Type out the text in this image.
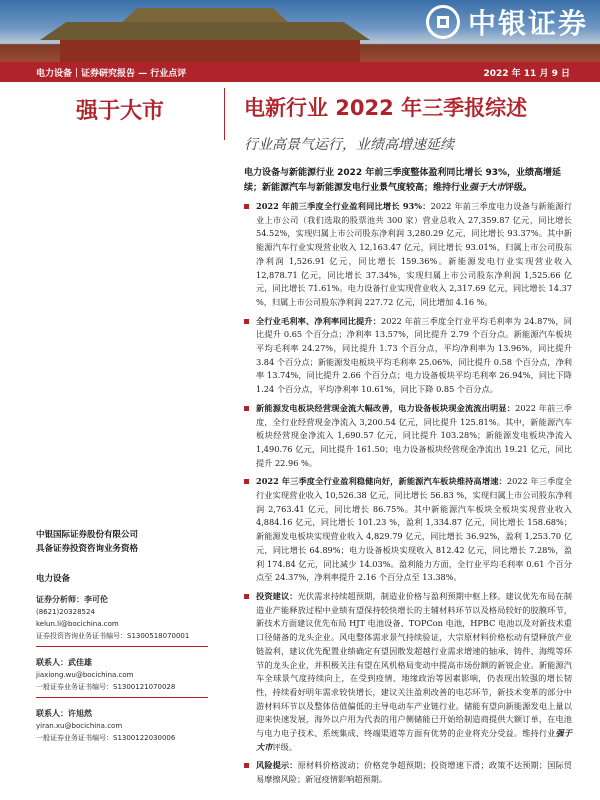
中银证券
电力设备｜证券研究报告 — 行业点评	2022 年 11 月 9 日
强于大市	电新行业 2022 年三季报综述
行业高景气运行，业绩高增速延续
电力设备与新能源行业 2022 年前三季度整体盈利同比增长 93%，业绩高增延续；新能源汽车与新能源发电行业景气度较高；维持行业强于大市评级。
2022 年前三季度全行业盈利同比增长 93%：2022 年前三季度电力设备与新能源行业上市公司（我们选取的股票池共 300 家）营业总收入 27,359.87 亿元，同比增长 54.52%，实现归属上市公司股东净利润 3,280.29 亿元，同比增长 93.37%。其中新能源汽车行业实现营业收入 12,163.47 亿元，同比增长 93.01%，归属上市公司股东净利润 1,526.91 亿元，同比增长 159.36%。新能源发电行业实现营业收入 12,878.71 亿元，同比增长 37.34%，实现归属上市公司股东净利润 1,525.66 亿元，同比增长 71.61%。电力设备行业实现营业收入 2,317.69 亿元，同比增长 14.37 %，归属上市公司股东净利润 227.72 亿元，同比增加 4.16 %。
全行业毛利率、净利率同比提升：2022 年前三季度全行业平均毛利率为 24.87%，同比提升 0.65 个百分点；净利率 13.57%，同比提升 2.79 个百分点。新能源汽车板块平均毛利率 24.27%，同比提升 1.73 个百分点，平均净利率为 13.96%，同比提升 3.84 个百分点；新能源发电板块平均毛利率 25.06%，同比提升 0.58 个百分点，净利率 13.74%，同比提升 2.66 个百分点；电力设备板块平均毛利率 26.94%，同比下降 1.24 个百分点，平均净利率 10.61%，同比下降 0.85 个百分点。
新能源发电板块经营现金流大幅改善，电力设备板块现金流流出明显：2022 年前三季度，全行业经营现金净流入 3,200.54 亿元，同比提升 125.81%。其中，新能源汽车板块经营现金净流入 1,690.57 亿元，同比提升 103.28%；新能源发电板块净流入 1,490.76 亿元，同比提升 161.50；电力设备板块经营现金净流出 19.21 亿元，同比提升 22.96 %。
2022 年三季度全行业盈利稳健向好，新能源汽车板块维持高增速：2022 年三季度全行业实现营业收入 10,526.38 亿元，同比增长 56.83 %，实现归属上市公司股东净利润 2,763.41 亿元，同比增长 86.75%。其中新能源汽车板块全板块实现营业收入 4,884.16 亿元，同比增长 101.23 %，盈利 1,334.87 亿元，同比增长 158.68%；新能源发电板块实现营业收入 4,829.79 亿元，同比增长 36.92%，盈利 1,253.70 亿元，同比增长 64.89%；电力设备板块实现收入 812.42 亿元，同比增长 7.28%，盈利 174.84 亿元，同比减少 14.03%。盈利能力方面，全行业平均毛利率 0.61 个百分点至 24.37%，净利率提升 2.16 个百分点至 13.38%。
投资建议：光伏需求持续超预期，制造业价格与盈利预期中枢上移。建议优先布局在制造业产能释放过程中业绩有望保持较快增长的主辅材料环节以及格局较好的胶膜环节，新技术方面建议优先布局 HJT 电池设备、TOPCon 电池，HPBC 电池以及对新技术重口径储备的龙头企业。风电整体需求景气持续验证，大宗原材料价格松动有望释放产业链盈利，建议优先配置业绩确定有望因散发超越行业需求增速的轴承、铸件、海缆等环节的龙头企业，并积极关注有望在风机格局变动中提高市场份额的新锐企业。新能源汽车全球景气度持续向上，在受到疫情、地缘政治等因素影响，仍表现出较强的增长韧性，持续看好明年需求较快增长，建议关注盈利改善的电芯环节，新技术变革的部分中游材料环节以及整体估值偏低的主导电动车产业链行业。储能有望向新能源发电上量以迎来快速发展，海外以户用为代表的用户侧储能已开始给制造商提供大额订单，在电池与电力电子技术、系统集成、终端渠道等方面有优势的企业将充分受益。维持行业强于大市评级。
风险提示：原材料价格波动；价格竞争超预期；投资增速下滑；政策不达预期；国际贸易摩擦风险；新冠疫情影响超预期。
中银国际证券股份有限公司
具备证券投资咨询业务资格
电力设备
证券分析师：李可伦
(8621)20328524
kelun.li@bocichina.com
证券投资咨询业务证书编号：S1300518070001
联系人：武佳雄
jiaxiong.wu@bocichina.com
一般证券业务证书编号：S1300121070028
联系人：许旭然
yiran.xu@bocichina.com
一般证券业务证书编号：S1300122030006
